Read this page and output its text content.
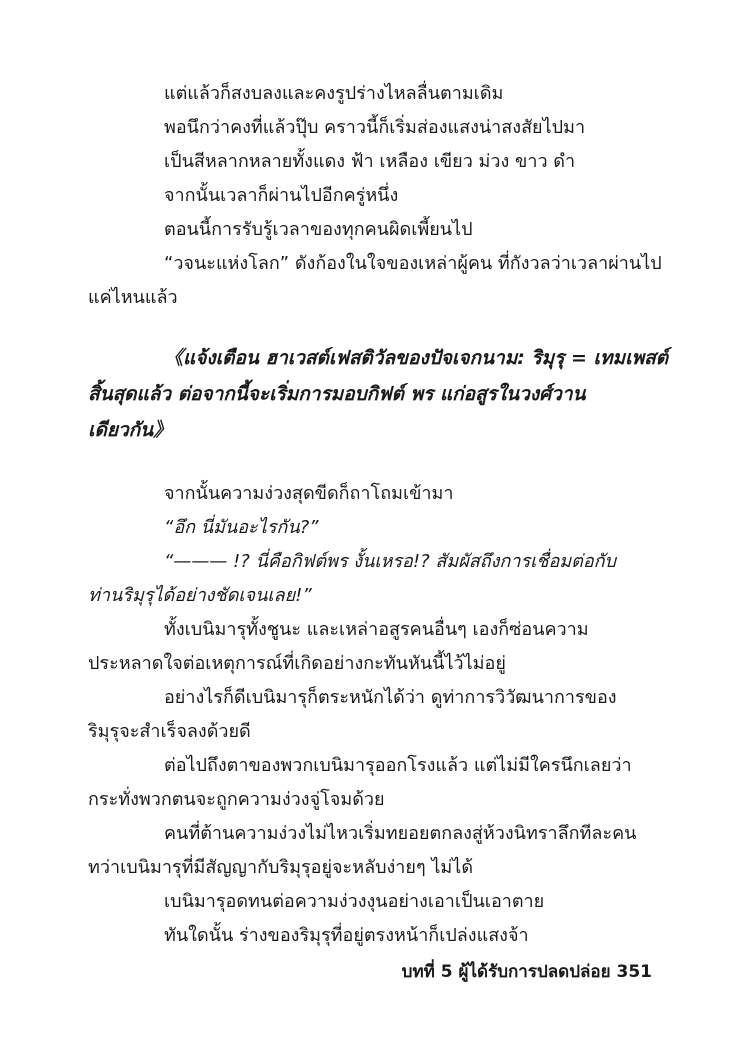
แต่แล้วก็สงบลงและคงรูปร่างไหลลื่นตามเดิม
พอนึกว่าคงที่แล้วปุ๊บ คราวนี้ก็เริ่มส่องแสงน่าสงสัยไปมา
เป็นสีหลากหลายทั้งแดง ฟ้า เหลือง เขียว ม่วง ขาว ดำ
จากนั้นเวลาก็ผ่านไปอีกครู่หนึ่ง
ตอนนี้การรับรู้เวลาของทุกคนผิดเพี้ยนไป
“วจนะแห่งโลก” ดังก้องในใจของเหล่าผู้คน ที่กังวลว่าเวลาผ่านไป
แค่ไหนแล้ว
《แจ้งเตือน ฮาเวสต์เฟสติวัลของปัจเจกนาม: ริมุรุ = เทมเพสต์
สิ้นสุดแล้ว ต่อจากนี้จะเริ่มการมอบกิฟต์ พร แก่อสูรในวงศ์วาน
เดียวกัน》
จากนั้นความง่วงสุดขีดก็ถาโถมเข้ามา
“อึก นี่มันอะไรกัน?”
“——— !? นี่คือกิฟต์พร งั้นเหรอ!? สัมผัสถึงการเชื่อมต่อกับ
ท่านริมุรุได้อย่างชัดเจนเลย!”
ทั้งเบนิมารุทั้งชูนะ และเหล่าอสูรคนอื่นๆ เองก็ซ่อนความ
ประหลาดใจต่อเหตุการณ์ที่เกิดอย่างกะทันหันนี้ไว้ไม่อยู่
อย่างไรก็ดีเบนิมารุก็ตระหนักได้ว่า ดูท่าการวิวัฒนาการของ
ริมุรุจะสำเร็จลงด้วยดี
ต่อไปถึงตาของพวกเบนิมารุออกโรงแล้ว แต่ไม่มีใครนึกเลยว่า
กระทั่งพวกตนจะถูกความง่วงจู่โจมด้วย
คนที่ต้านความง่วงไม่ไหวเริ่มทยอยตกลงสู่ห้วงนิทราลึกทีละคน
ทว่าเบนิมารุที่มีสัญญากับริมุรุอยู่จะหลับง่ายๆ ไม่ได้
เบนิมารุอดทนต่อความง่วงงุนอย่างเอาเป็นเอาตาย
ทันใดนั้น ร่างของริมุรุที่อยู่ตรงหน้าก็เปล่งแสงจ้า
บทที่ 5 ผู้ได้รับการปลดปล่อย 351
